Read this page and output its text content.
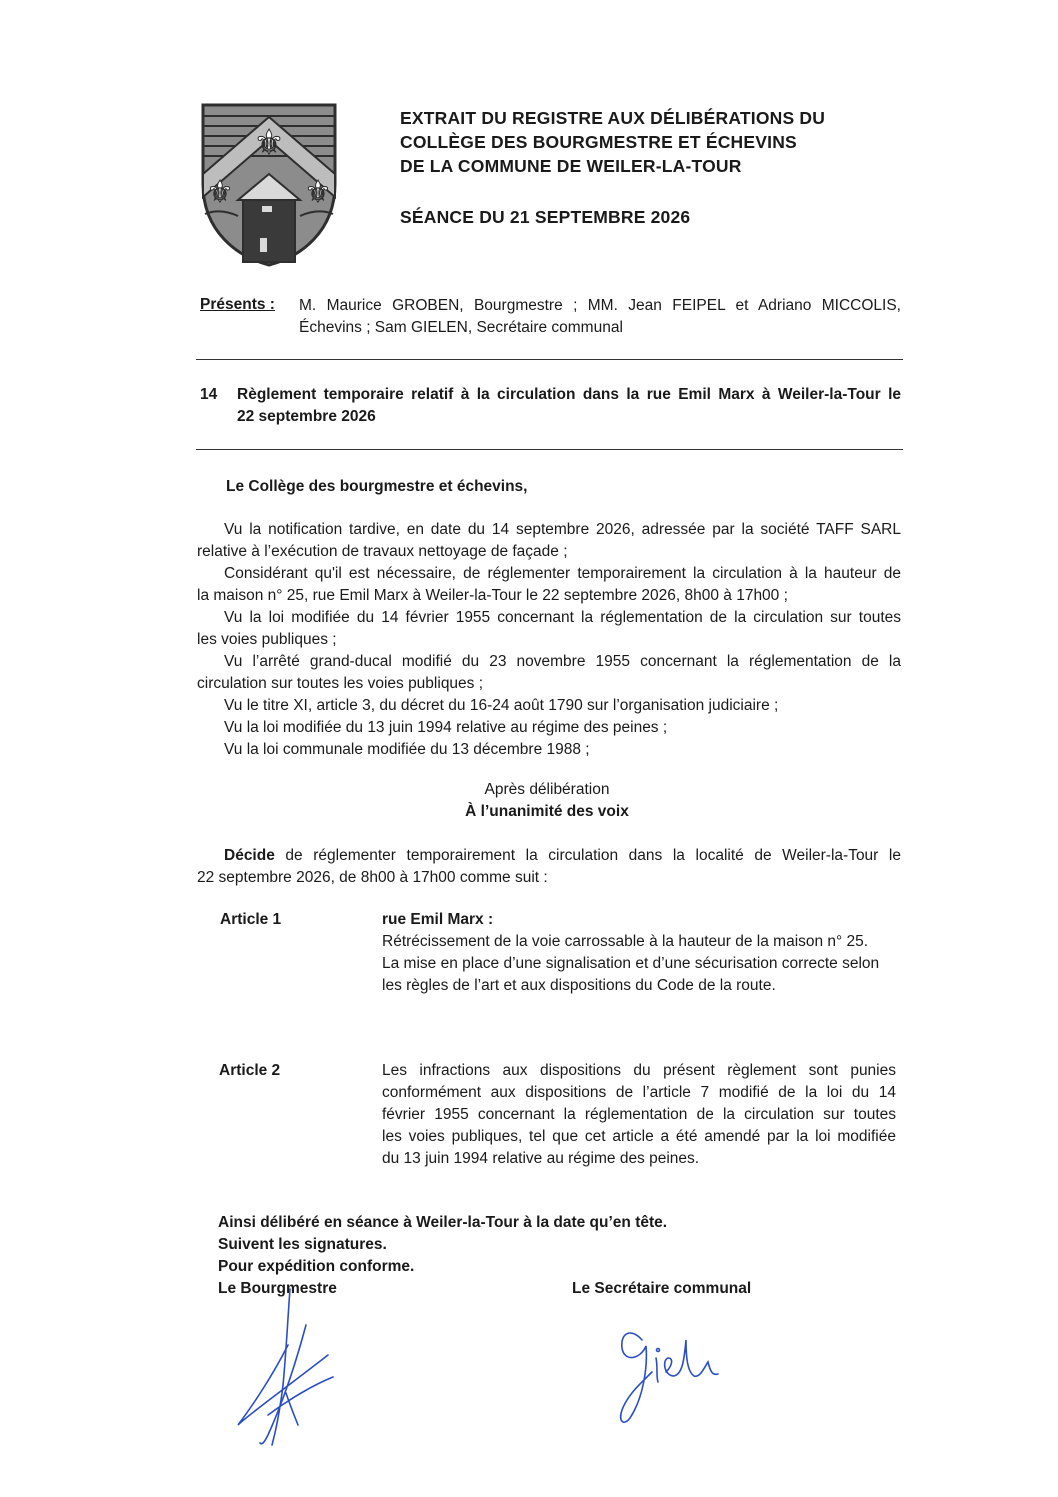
⚜
⚜ ⚜
EXTRAIT DU REGISTRE AUX DÉLIBÉRATIONS DU
COLLÈGE DES BOURGMESTRE ET ÉCHEVINS
DE LA COMMUNE DE WEILER-LA-TOUR
SÉANCE DU 21 SEPTEMBRE 2026
Présents : M. Maurice GROBEN, Bourgmestre ; MM. Jean FEIPEL et Adriano MICCOLIS,
Échevins ; Sam GIELEN, Secrétaire communal
14 Règlement temporaire relatif à la circulation dans la rue Emil Marx à Weiler-la-Tour le
22 septembre 2026
Le Collège des bourgmestre et échevins,
Vu la notification tardive, en date du 14 septembre 2026, adressée par la société TAFF SARL
relative à l’exécution de travaux nettoyage de façade ;
Considérant qu'il est nécessaire, de réglementer temporairement la circulation à la hauteur de
la maison n° 25, rue Emil Marx à Weiler-la-Tour le 22 septembre 2026, 8h00 à 17h00 ;
Vu la loi modifiée du 14 février 1955 concernant la réglementation de la circulation sur toutes
les voies publiques ;
Vu l’arrêté grand-ducal modifié du 23 novembre 1955 concernant la réglementation de la
circulation sur toutes les voies publiques ;
Vu le titre XI, article 3, du décret du 16-24 août 1790 sur l’organisation judiciaire ;
Vu la loi modifiée du 13 juin 1994 relative au régime des peines ;
Vu la loi communale modifiée du 13 décembre 1988 ;
Après délibération
À l’unanimité des voix
Décide de réglementer temporairement la circulation dans la localité de Weiler-la-Tour le
22 septembre 2026, de 8h00 à 17h00 comme suit :
Article 1	rue Emil Marx :
Rétrécissement de la voie carrossable à la hauteur de la maison n° 25.
La mise en place d’une signalisation et d’une sécurisation correcte selon
les règles de l’art et aux dispositions du Code de la route.
Article 2	Les infractions aux dispositions du présent règlement sont punies
conformément aux dispositions de l’article 7 modifié de la loi du 14
février 1955 concernant la réglementation de la circulation sur toutes
les voies publiques, tel que cet article a été amendé par la loi modifiée
du 13 juin 1994 relative au régime des peines.
Ainsi délibéré en séance à Weiler-la-Tour à la date qu’en tête.
Suivent les signatures.
Pour expédition conforme.
Le Bourgmestre	Le Secrétaire communal
